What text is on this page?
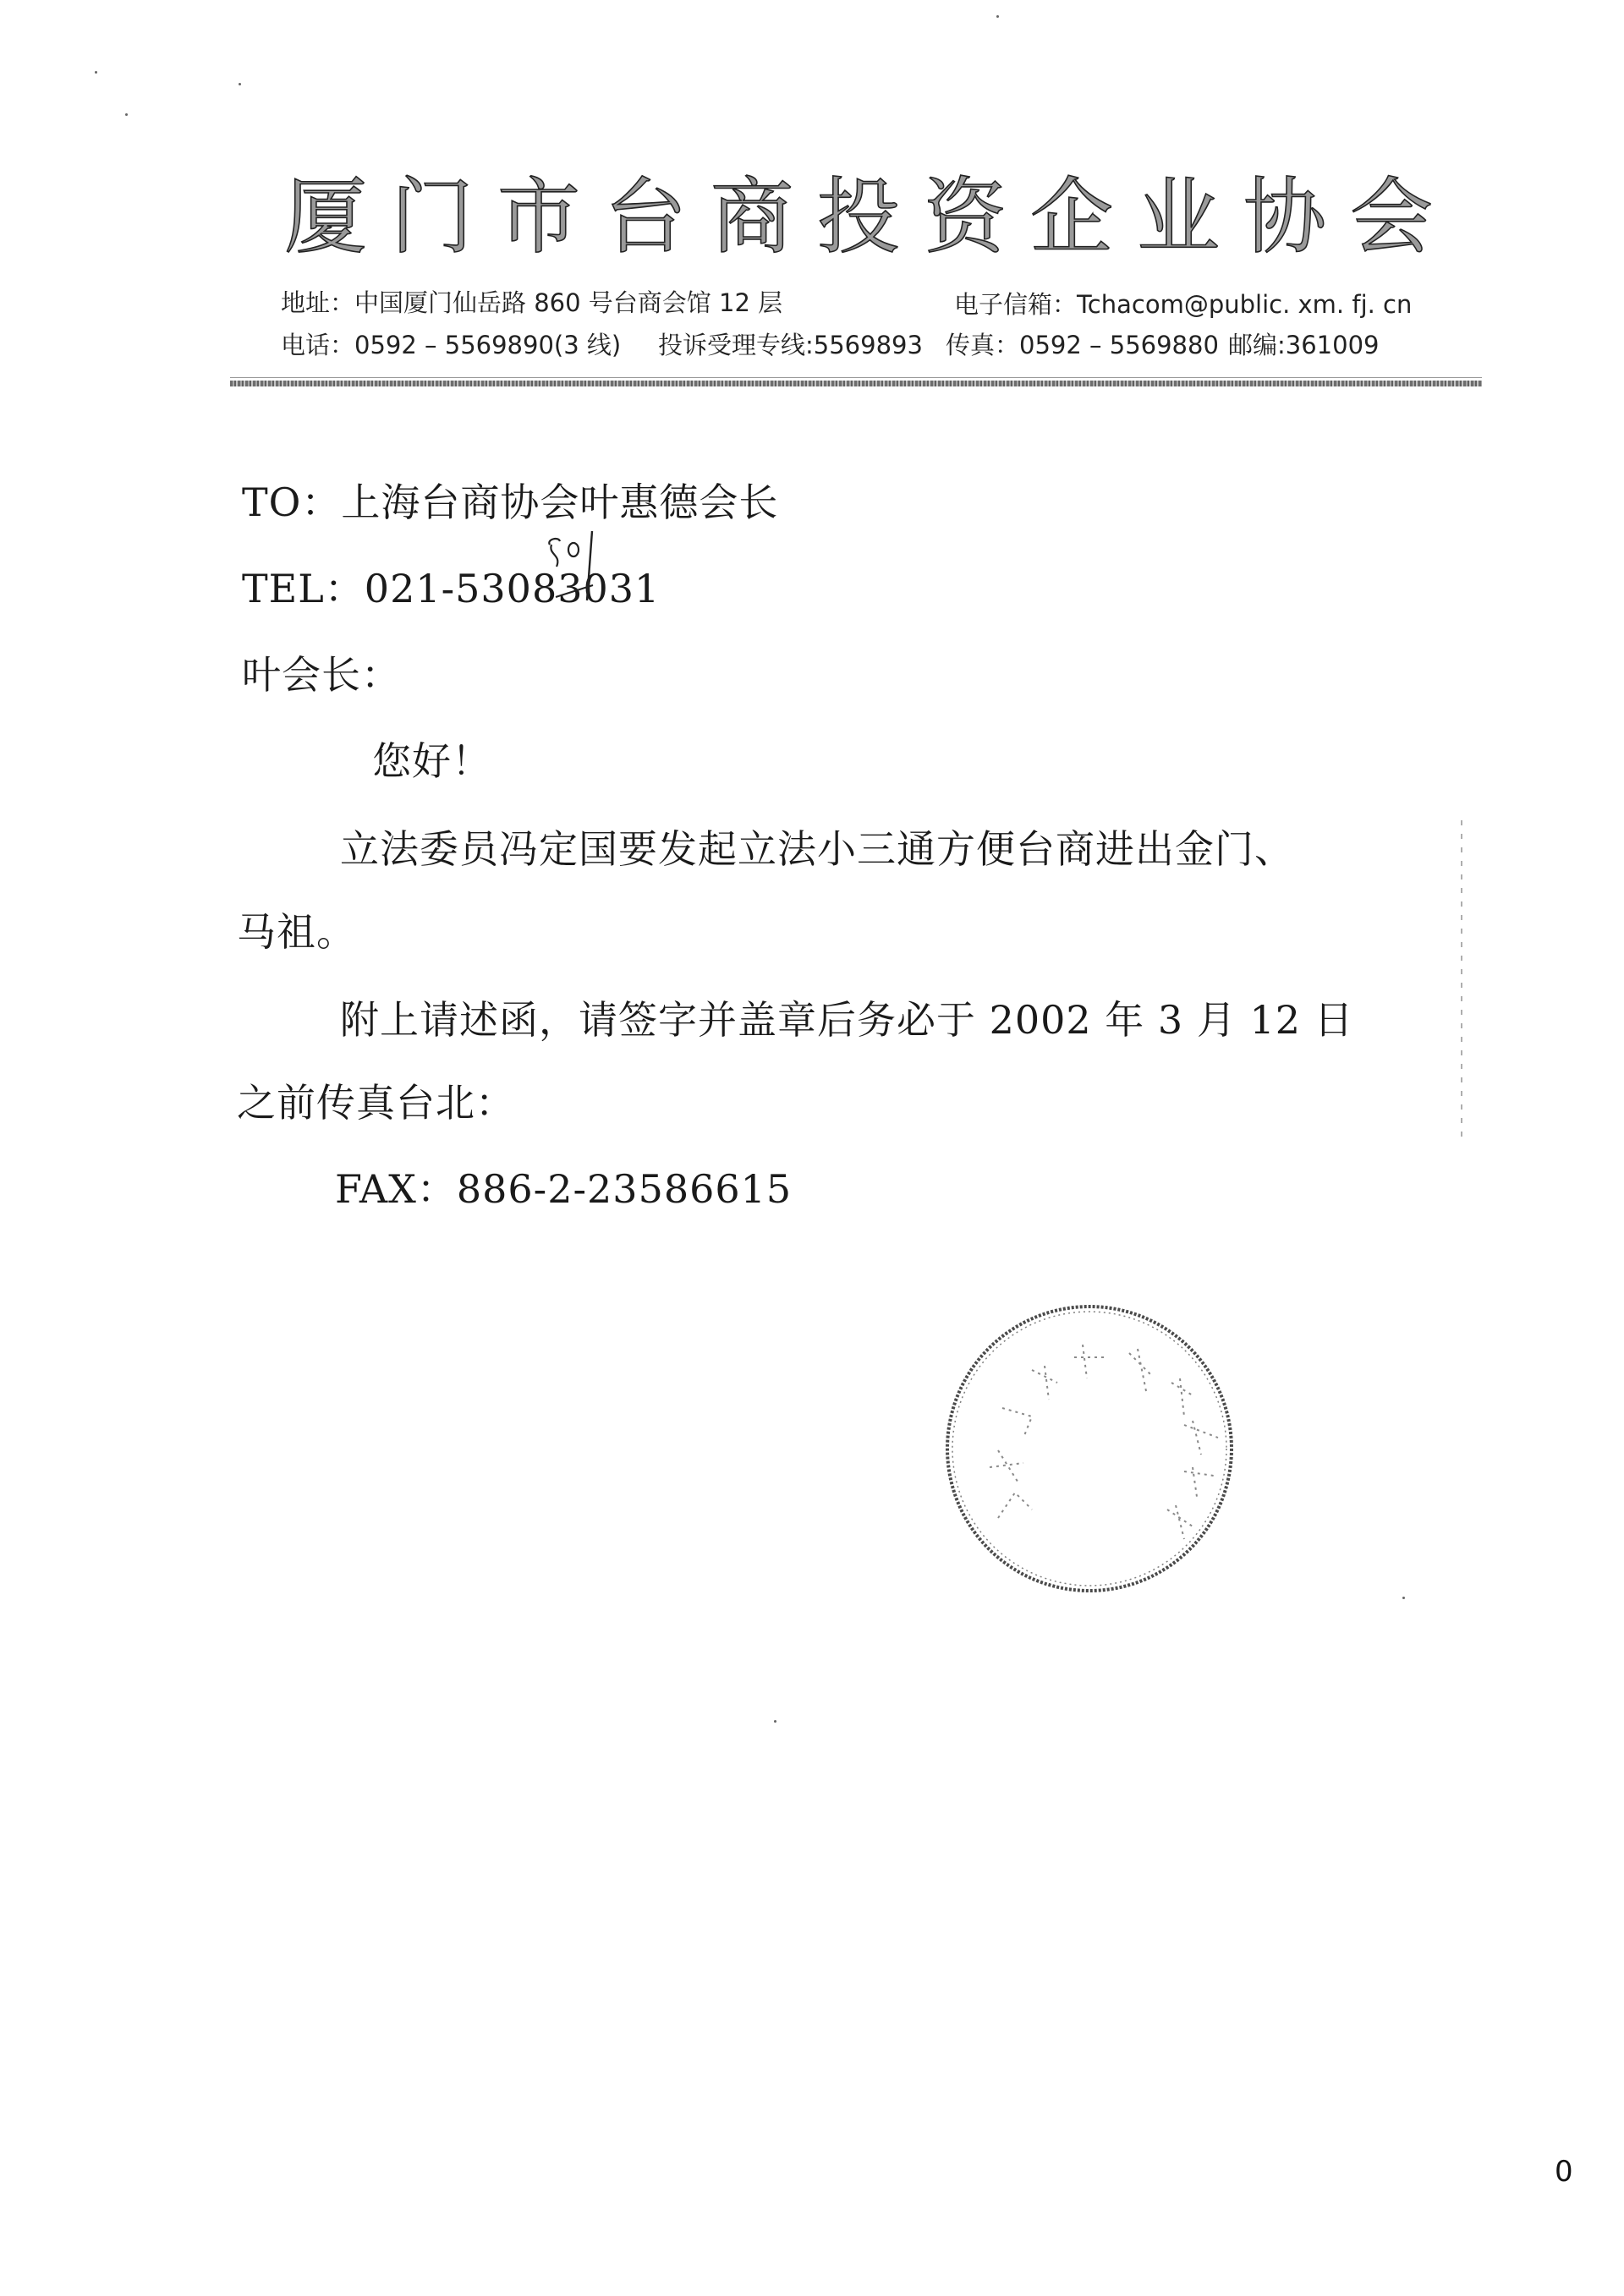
厦 门 市 台 商 投 资 企 业 协 会
地址：中国厦门仙岳路 860 号台商会馆 12 层	电子信箱：Tchacom@public. xm. fj. cn
电话：0592 – 5569890(3 线) 投诉受理专线:5569893 传真：0592 – 5569880 邮编:361009
TO：上海台商协会叶惠德会长
TEL：021-53083031
叶会长：
您好！
立法委员冯定国要发起立法小三通方便台商进出金门、
马祖。
附上请述函，请签字并盖章后务必于 2002 年 3 月 12 日
之前传真台北：
FAX：886-2-23586615
0
